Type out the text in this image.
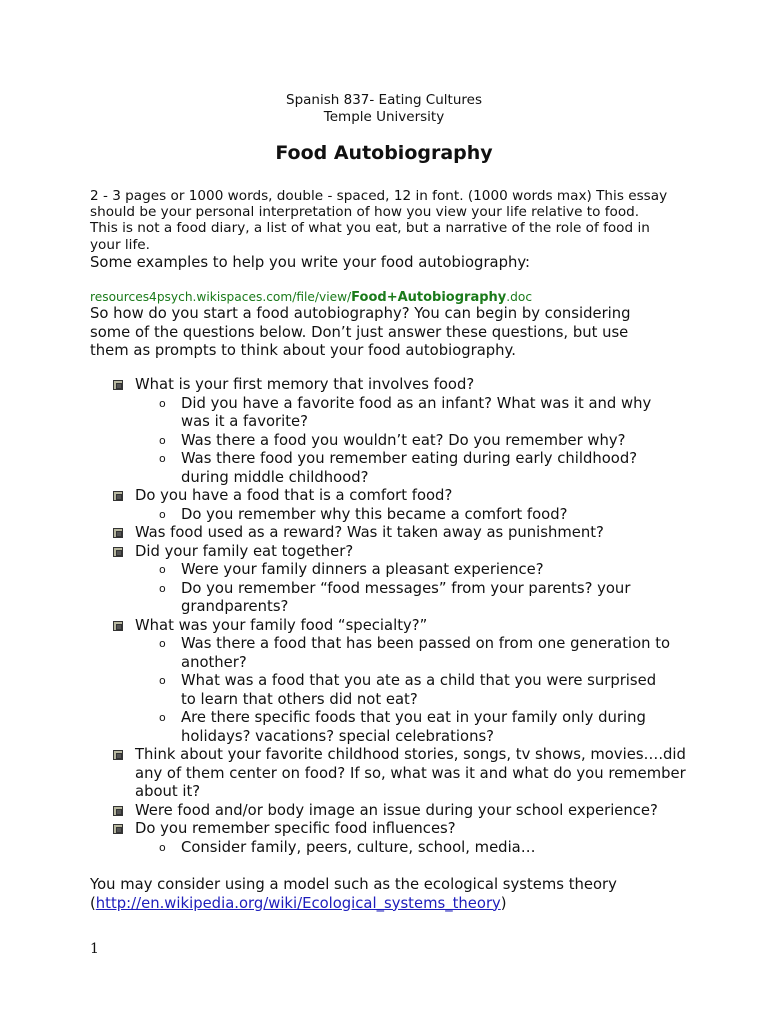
Spanish 837- Eating Cultures
Temple University
Food Autobiography
2 - 3 pages or 1000 words, double - spaced, 12 in font. (1000 words max) This essay should be your personal interpretation of how you view your life relative to food. This is not a food diary, a list of what you eat, but a narrative of the role of food in your life.
Some examples to help you write your food autobiography:
resources4psych.wikispaces.com/file/view/Food+Autobiography.doc
So how do you start a food autobiography? You can begin by considering some of the questions below. Don’t just answer these questions, but use them as prompts to think about your food autobiography.
What is your first memory that involves food?
o Did you have a favorite food as an infant? What was it and why was it a favorite?
o Was there a food you wouldn’t eat? Do you remember why?
o Was there food you remember eating during early childhood? during middle childhood?
Do you have a food that is a comfort food?
o Do you remember why this became a comfort food?
Was food used as a reward? Was it taken away as punishment?
Did your family eat together?
o Were your family dinners a pleasant experience?
o Do you remember “food messages” from your parents? your grandparents?
What was your family food “specialty?”
o Was there a food that has been passed on from one generation to another?
o What was a food that you ate as a child that you were surprised to learn that others did not eat?
o Are there specific foods that you eat in your family only during holidays? vacations? special celebrations?
Think about your favorite childhood stories, songs, tv shows, movies….did any of them center on food? If so, what was it and what do you remember about it?
Were food and/or body image an issue during your school experience?
Do you remember specific food influences?
o Consider family, peers, culture, school, media…
You may consider using a model such as the ecological systems theory
(http://en.wikipedia.org/wiki/Ecological_systems_theory)
1
